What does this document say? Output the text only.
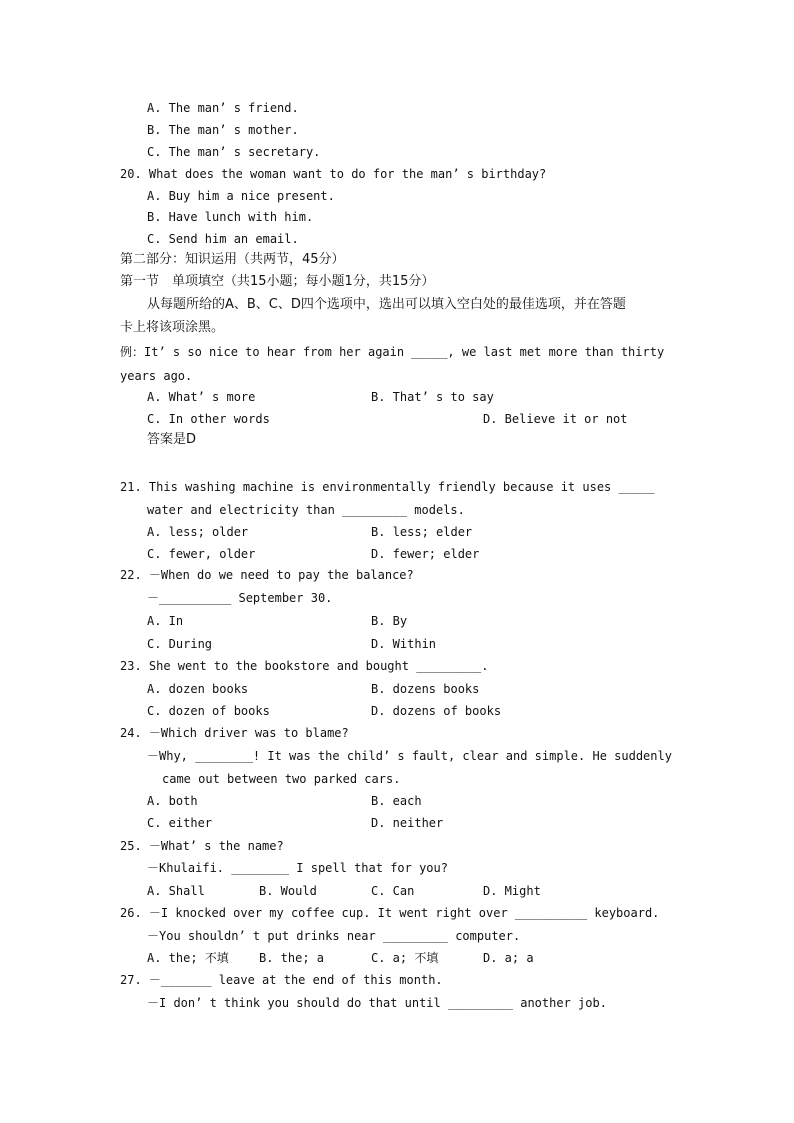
A. The man’ s friend.
B. The man’ s mother.
C. The man’ s secretary.
20. What does the woman want to do for the man’ s birthday?
A. Buy him a nice present.
B. Have lunch with him.
C. Send him an email.
第二部分：知识运用（共两节，45分）
第一节　单项填空（共15小题；每小题1分，共15分）
从每题所给的A、B、C、D四个选项中，选出可以填入空白处的最佳选项，并在答题
卡上将该项涂黑。
例：It’ s so nice to hear from her again _____, we last met more than thirty
years ago.
A. What’ s more	B. That’ s to say
C. In other words	D. Believe it or not
答案是D
21. This washing machine is environmentally friendly because it uses _____
water and electricity than _________ models.
A. less; older	B. less; elder
C. fewer, older	D. fewer; elder
22. －When do we need to pay the balance?
－__________ September 30.
A. In	B. By
C. During	D. Within
23. She went to the bookstore and bought _________.
A. dozen books	B. dozens books
C. dozen of books	D. dozens of books
24. －Which driver was to blame?
－Why, ________! It was the child’ s fault, clear and simple. He suddenly
came out between two parked cars.
A. both	B. each
C. either	D. neither
25. －What’ s the name?
－Khulaifi. ________ I spell that for you?
A. Shall	B. Would	C. Can	D. Might
26. －I knocked over my coffee cup. It went right over __________ keyboard.
－You shouldn’ t put drinks near _________ computer.
A. the; 不填	B. the; a	C. a; 不填	D. a; a
27. －_______ leave at the end of this month.
－I don’ t think you should do that until _________ another job.
